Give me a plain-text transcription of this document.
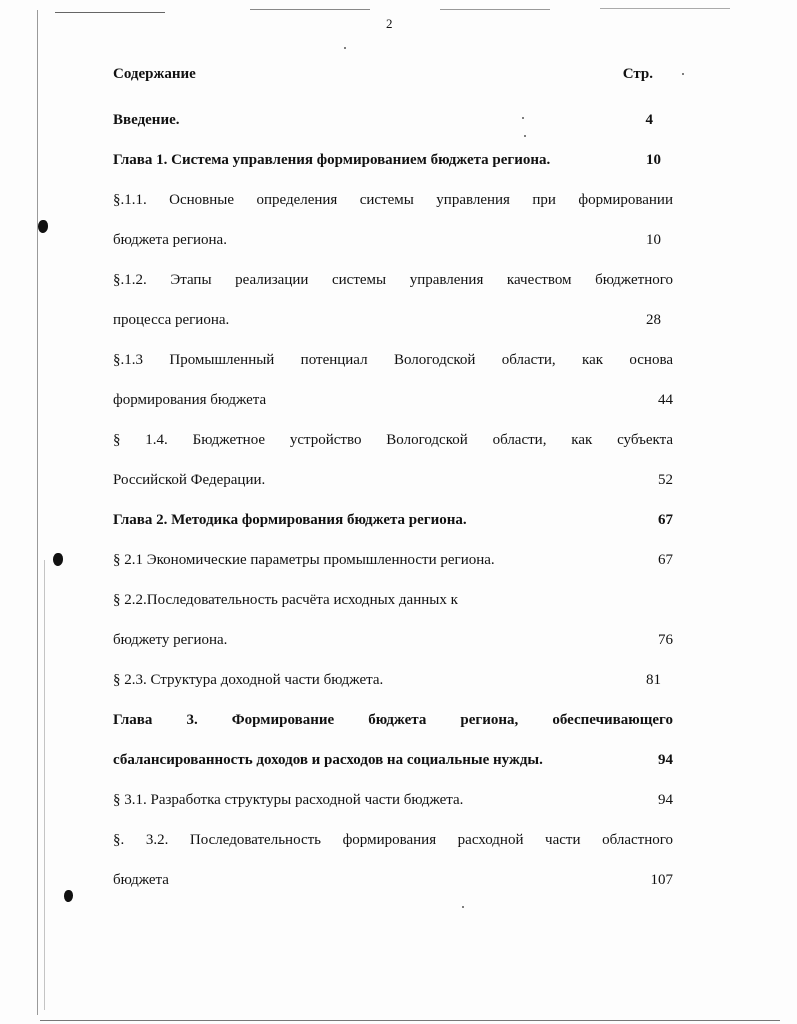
2
Содержание	Стр.
Введение.	4
Глава 1. Система управления формированием бюджета региона.	10
§.1.1. Основные определения системы управления при формировании
бюджета региона.	10
§.1.2. Этапы реализации системы управления качеством бюджетного
процесса региона.	28
§.1.3 Промышленный потенциал Вологодской области, как основа
формирования бюджета	44
§ 1.4. Бюджетное устройство Вологодской области, как субъекта
Российской Федерации.	52
Глава 2. Методика формирования бюджета региона.	67
§ 2.1 Экономические параметры промышленности региона.	67
§ 2.2.Последовательность расчёта исходных данных к
бюджету региона.	76
§ 2.3. Структура доходной части бюджета.	81
Глава 3. Формирование бюджета региона, обеспечивающего
сбалансированность доходов и расходов на социальные нужды.	94
§ 3.1. Разработка структуры расходной части бюджета.	94
§. 3.2. Последовательность формирования расходной части областного
бюджета	107
